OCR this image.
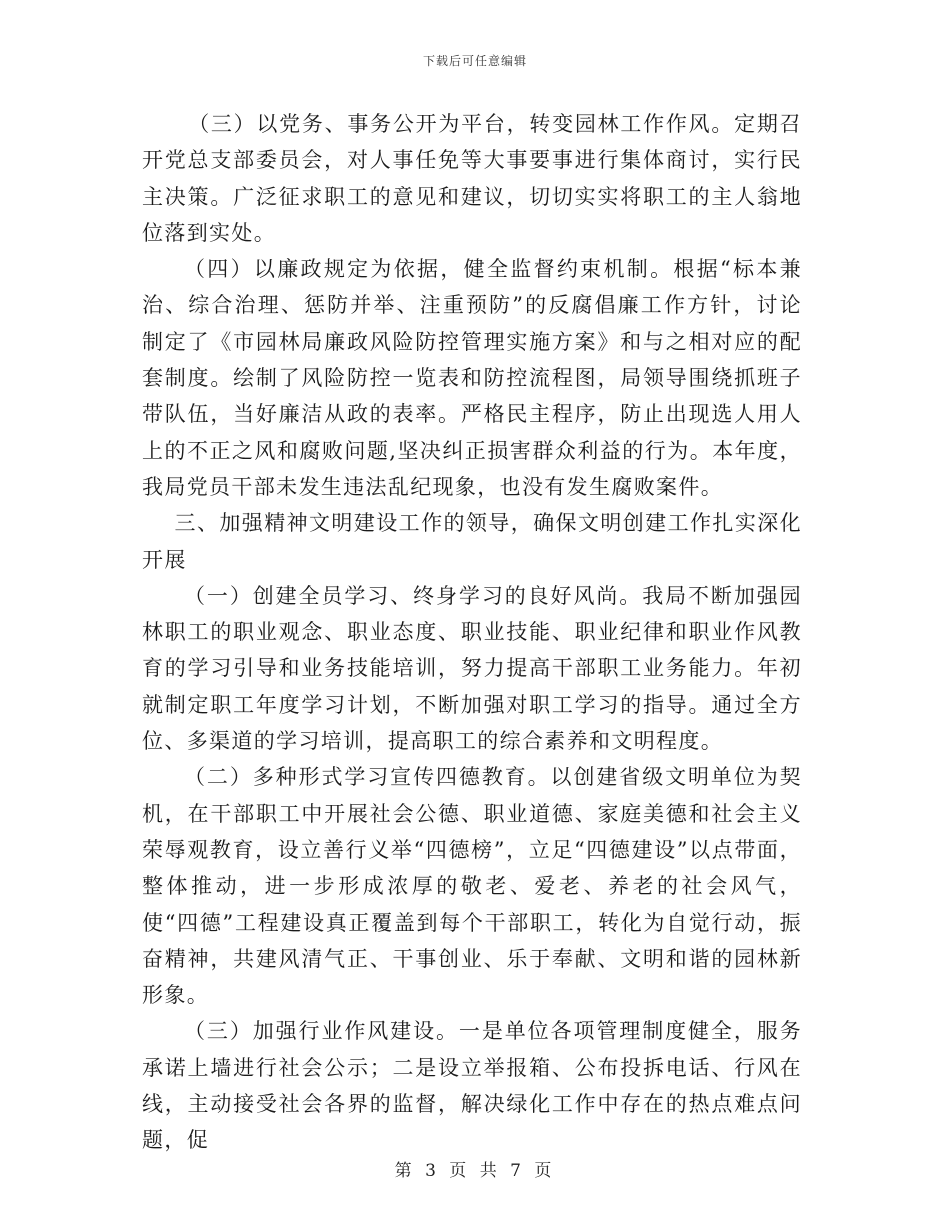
下载后可任意编辑

（三）以党务、事务公开为平台，转变园林工作作风。定期召开党总支部委员会，对人事任免等大事要事进行集体商讨，实行民主决策。广泛征求职工的意见和建议，切切实实将职工的主人翁地位落到实处。

（四）以廉政规定为依据，健全监督约束机制。根据“标本兼治、综合治理、惩防并举、注重预防”的反腐倡廉工作方针，讨论制定了《市园林局廉政风险防控管理实施方案》和与之相对应的配套制度。绘制了风险防控一览表和防控流程图，局领导围绕抓班子带队伍，当好廉洁从政的表率。严格民主程序，防止出现选人用人上的不正之风和腐败问题,坚决纠正损害群众利益的行为。本年度，我局党员干部未发生违法乱纪现象，也没有发生腐败案件。

三、加强精神文明建设工作的领导，确保文明创建工作扎实深化开展

（一）创建全员学习、终身学习的良好风尚。我局不断加强园林职工的职业观念、职业态度、职业技能、职业纪律和职业作风教育的学习引导和业务技能培训，努力提高干部职工业务能力。年初就制定职工年度学习计划，不断加强对职工学习的指导。通过全方位、多渠道的学习培训，提高职工的综合素养和文明程度。

（二）多种形式学习宣传四德教育。以创建省级文明单位为契机，在干部职工中开展社会公德、职业道德、家庭美德和社会主义荣辱观教育，设立善行义举“四德榜”，立足“四德建设”以点带面，整体推动，进一步形成浓厚的敬老、爱老、养老的社会风气，使“四德”工程建设真正覆盖到每个干部职工，转化为自觉行动，振奋精神，共建风清气正、干事创业、乐于奉献、文明和谐的园林新形象。

（三）加强行业作风建设。一是单位各项管理制度健全，服务承诺上墙进行社会公示；二是设立举报箱、公布投拆电话、行风在线，主动接受社会各界的监督，解决绿化工作中存在的热点难点问题，促

第 3 页 共 7 页
